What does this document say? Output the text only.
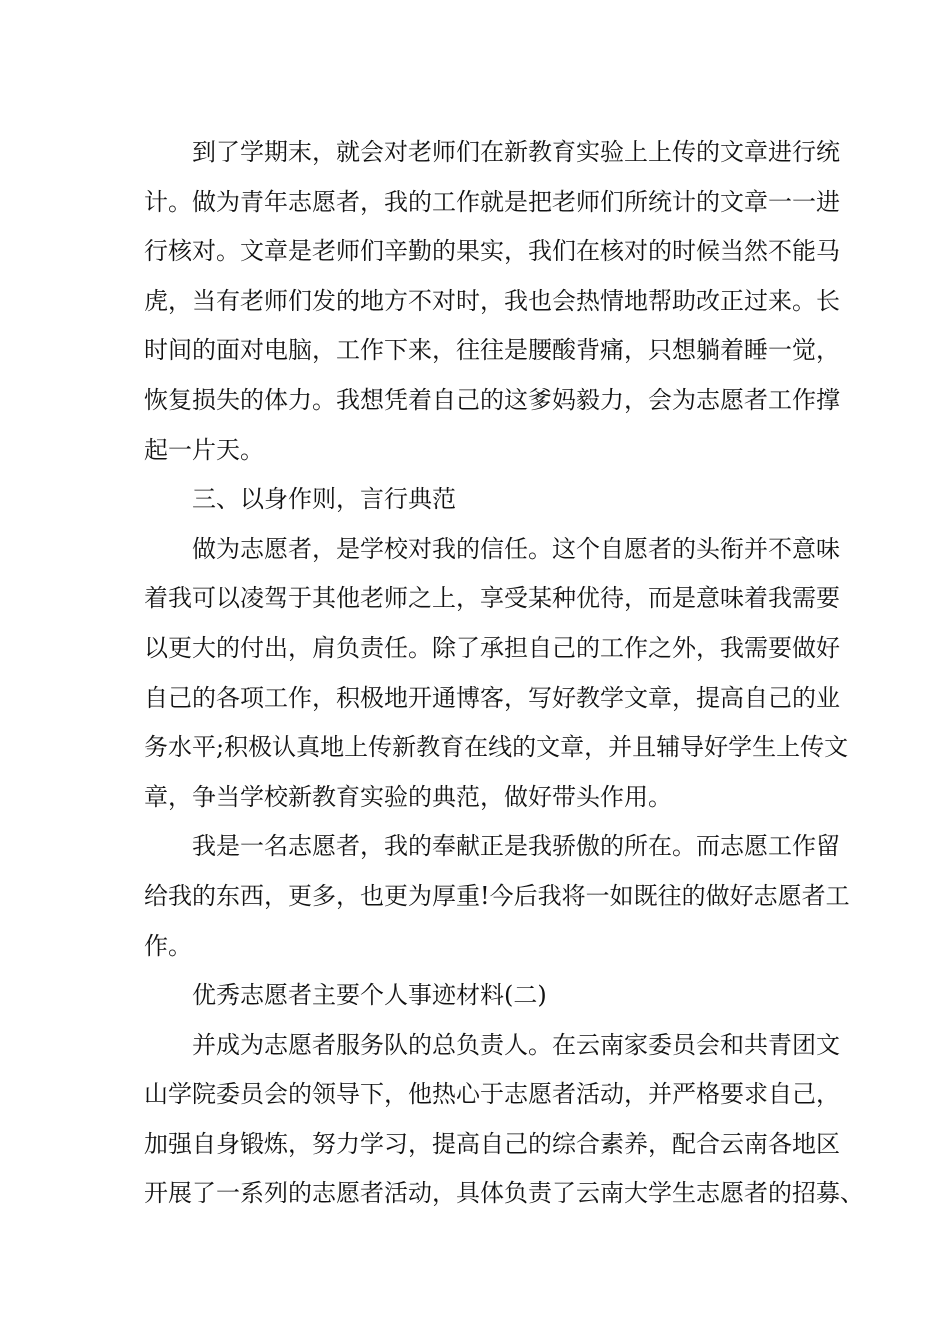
到了学期末，就会对老师们在新教育实验上上传的文章进行统
计。做为青年志愿者，我的工作就是把老师们所统计的文章一一进
行核对。文章是老师们辛勤的果实，我们在核对的时候当然不能马
虎，当有老师们发的地方不对时，我也会热情地帮助改正过来。长
时间的面对电脑，工作下来，往往是腰酸背痛，只想躺着睡一觉，
恢复损失的体力。我想凭着自己的这爹妈毅力，会为志愿者工作撑
起一片天。
三、以身作则，言行典范
做为志愿者，是学校对我的信任。这个自愿者的头衔并不意味
着我可以凌驾于其他老师之上，享受某种优待，而是意味着我需要
以更大的付出，肩负责任。除了承担自己的工作之外，我需要做好
自己的各项工作，积极地开通博客，写好教学文章，提高自己的业
务水平;积极认真地上传新教育在线的文章，并且辅导好学生上传文
章，争当学校新教育实验的典范，做好带头作用。
我是一名志愿者，我的奉献正是我骄傲的所在。而志愿工作留
给我的东西，更多，也更为厚重!今后我将一如既往的做好志愿者工
作。
优秀志愿者主要个人事迹材料(二)
并成为志愿者服务队的总负责人。在云南家委员会和共青团文
山学院委员会的领导下，他热心于志愿者活动，并严格要求自己，
加强自身锻炼，努力学习，提高自己的综合素养，配合云南各地区
开展了一系列的志愿者活动，具体负责了云南大学生志愿者的招募、
